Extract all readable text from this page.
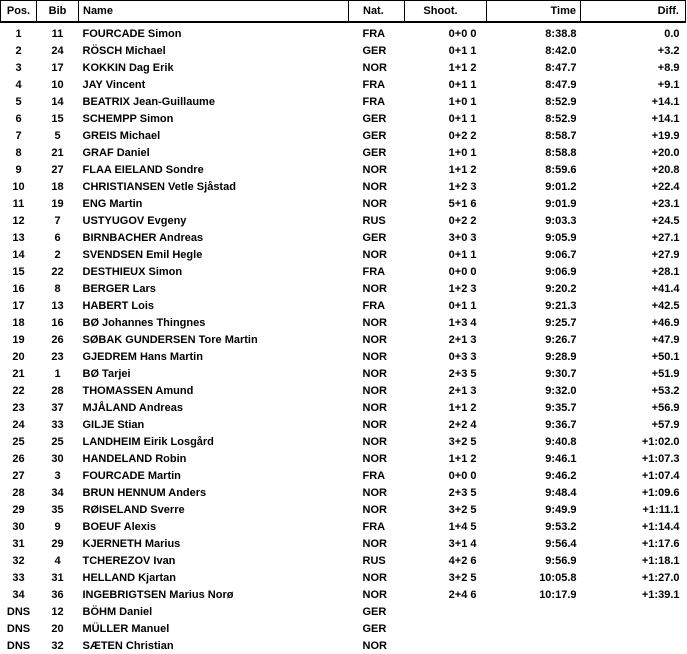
Pos.	Bib	Name	Nat.	Shoot.	Time	Diff.
1	11	FOURCADE Simon	FRA	0+0 0	8:38.8	0.0
2	24	RÖSCH Michael	GER	0+1 1	8:42.0	+3.2
3	17	KOKKIN Dag Erik	NOR	1+1 2	8:47.7	+8.9
4	10	JAY Vincent	FRA	0+1 1	8:47.9	+9.1
5	14	BEATRIX Jean-Guillaume	FRA	1+0 1	8:52.9	+14.1
6	15	SCHEMPP Simon	GER	0+1 1	8:52.9	+14.1
7	5	GREIS Michael	GER	0+2 2	8:58.7	+19.9
8	21	GRAF Daniel	GER	1+0 1	8:58.8	+20.0
9	27	FLAA EIELAND Sondre	NOR	1+1 2	8:59.6	+20.8
10	18	CHRISTIANSEN Vetle Sjåstad	NOR	1+2 3	9:01.2	+22.4
11	19	ENG Martin	NOR	5+1 6	9:01.9	+23.1
12	7	USTYUGOV Evgeny	RUS	0+2 2	9:03.3	+24.5
13	6	BIRNBACHER Andreas	GER	3+0 3	9:05.9	+27.1
14	2	SVENDSEN Emil Hegle	NOR	0+1 1	9:06.7	+27.9
15	22	DESTHIEUX Simon	FRA	0+0 0	9:06.9	+28.1
16	8	BERGER Lars	NOR	1+2 3	9:20.2	+41.4
17	13	HABERT Lois	FRA	0+1 1	9:21.3	+42.5
18	16	BØ Johannes Thingnes	NOR	1+3 4	9:25.7	+46.9
19	26	SØBAK GUNDERSEN Tore Martin	NOR	2+1 3	9:26.7	+47.9
20	23	GJEDREM Hans Martin	NOR	0+3 3	9:28.9	+50.1
21	1	BØ Tarjei	NOR	2+3 5	9:30.7	+51.9
22	28	THOMASSEN Amund	NOR	2+1 3	9:32.0	+53.2
23	37	MJÅLAND Andreas	NOR	1+1 2	9:35.7	+56.9
24	33	GILJE Stian	NOR	2+2 4	9:36.7	+57.9
25	25	LANDHEIM Eirik Losgård	NOR	3+2 5	9:40.8	+1:02.0
26	30	HANDELAND Robin	NOR	1+1 2	9:46.1	+1:07.3
27	3	FOURCADE Martin	FRA	0+0 0	9:46.2	+1:07.4
28	34	BRUN HENNUM Anders	NOR	2+3 5	9:48.4	+1:09.6
29	35	RØISELAND Sverre	NOR	3+2 5	9:49.9	+1:11.1
30	9	BOEUF Alexis	FRA	1+4 5	9:53.2	+1:14.4
31	29	KJERNETH Marius	NOR	3+1 4	9:56.4	+1:17.6
32	4	TCHEREZOV Ivan	RUS	4+2 6	9:56.9	+1:18.1
33	31	HELLAND Kjartan	NOR	3+2 5	10:05.8	+1:27.0
34	36	INGEBRIGTSEN Marius Norø	NOR	2+4 6	10:17.9	+1:39.1
DNS	12	BÖHM Daniel	GER			
DNS	20	MÜLLER Manuel	GER			
DNS	32	SÆTEN Christian	NOR			
